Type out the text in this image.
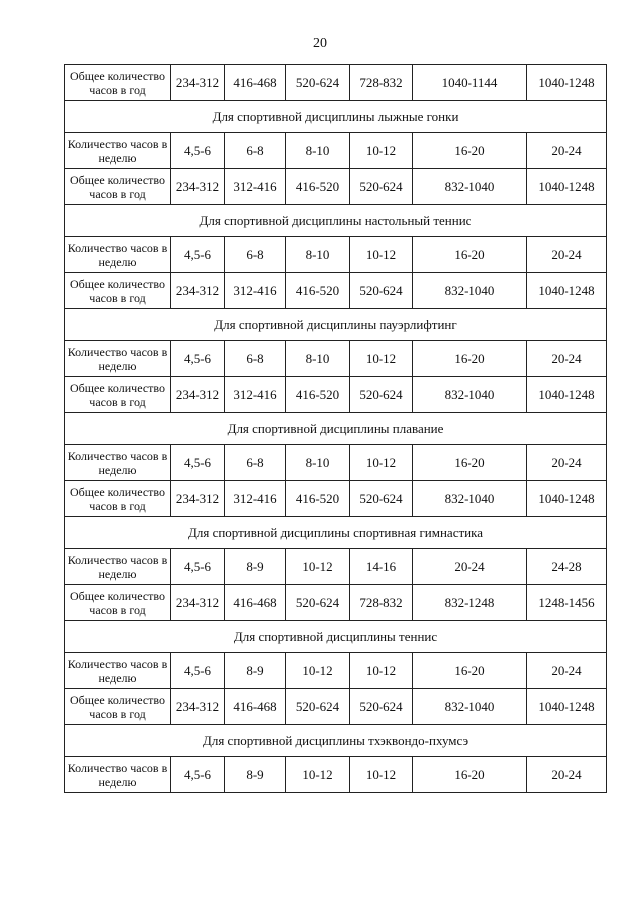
20
Общее количество часов в год	234-312	416-468	520-624	728-832	1040-1144	1040-1248
Для спортивной дисциплины лыжные гонки						
Количество часов в неделю	4,5-6	6-8	8-10	10-12	16-20	20-24
Общее количество часов в год	234-312	312-416	416-520	520-624	832-1040	1040-1248
Для спортивной дисциплины настольный теннис						
Количество часов в неделю	4,5-6	6-8	8-10	10-12	16-20	20-24
Общее количество часов в год	234-312	312-416	416-520	520-624	832-1040	1040-1248
Для спортивной дисциплины пауэрлифтинг						
Количество часов в неделю	4,5-6	6-8	8-10	10-12	16-20	20-24
Общее количество часов в год	234-312	312-416	416-520	520-624	832-1040	1040-1248
Для спортивной дисциплины плавание						
Количество часов в неделю	4,5-6	6-8	8-10	10-12	16-20	20-24
Общее количество часов в год	234-312	312-416	416-520	520-624	832-1040	1040-1248
Для спортивной дисциплины спортивная гимнастика						
Количество часов в неделю	4,5-6	8-9	10-12	14-16	20-24	24-28
Общее количество часов в год	234-312	416-468	520-624	728-832	832-1248	1248-1456
Для спортивной дисциплины теннис						
Количество часов в неделю	4,5-6	8-9	10-12	10-12	16-20	20-24
Общее количество часов в год	234-312	416-468	520-624	520-624	832-1040	1040-1248
Для спортивной дисциплины тхэквондо-пхумсэ						
Количество часов в неделю	4,5-6	8-9	10-12	10-12	16-20	20-24
